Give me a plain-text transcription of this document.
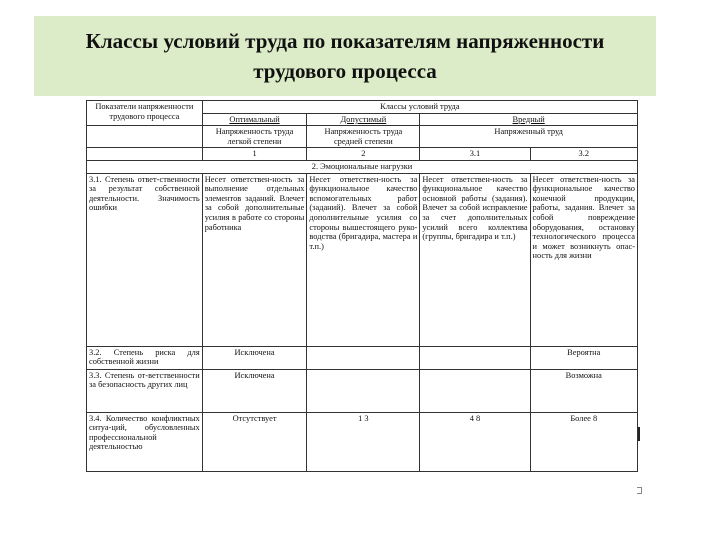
Классы условий труда по показателям напряженности
трудового процесса
Показатели напряженности трудового процесса	Классы условий труда			
	Оптимальный	Допустимый	Вредный	
	Напряженность труда легкой степени	Напряженность труда средней степени	Напряженный труд	
	1	2	3.1	3.2
2. Эмоциональные нагрузки				
3.1. Степень ответ-ственности за результат собственной деятельности. Значимость ошибки	Несет ответствен-ность за выполнение отдельных элементов заданий. Влечет за собой дополнительные усилия в работе со стороны работника	Несет ответствен-ность за функциональное качество вспомогательных работ (заданий). Влечет за собой дополнительные усилия со стороны вышестоящего руко-водства (бригадира, мастера и т.п.)	Несет ответствен-ность за функциональное качество основной работы (задания). Влечет за собой исправление за счет дополнительных усилий всего коллектива (группы, бригадира и т.п.)	Несет ответствен-ность за функциональное качество конечной продукции, работы, задания. Влечет за собой повреждение оборудования, остановку технологического процесса и может возникнуть опас-ность для жизни
3.2. Степень риска для собственной жизни	Исключена			Вероятна
3.3. Степень от-ветственности за безопасность других лиц	Исключена			Возможна
3.4. Количество конфликтных ситуа-ций, обусловленных профессиональной деятельностью	Отсутствует	1 3	4 8	Более 8
